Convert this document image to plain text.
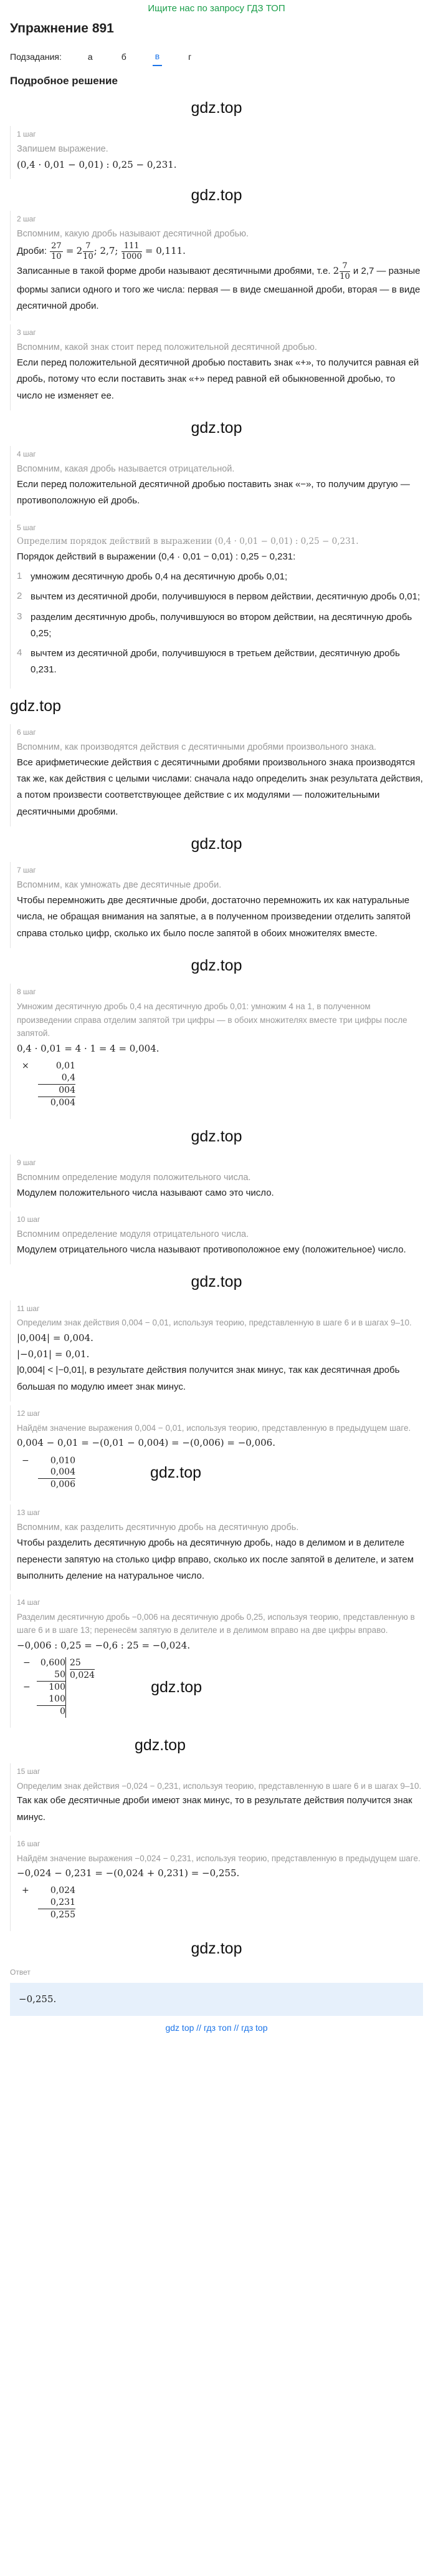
Ищите нас по запросу ГДЗ ТОП
Упражнение 891
Подзадания:	а	б	в	г
Подробное решение
gdz.top
1 шаг
Запишем выражение.
(0,4 · 0,01 − 0,01) : 0,25 − 0,231.
gdz.top
2 шаг
Вспомним, какую дробь называют десятичной дробью.
Дроби: $\frac{27}{10} = 2 \frac{7}{10}$ ; 2,7; $\frac{111}{1000} = 0,111$.
Записанные в такой форме дроби называют десятичными дробями, т.е. $2 \frac{7}{10}$ и 2,7 — разные формы записи одного и того же числа: первая — в виде смешанной дроби, вторая — в виде десятичной дроби.
3 шаг
Вспомним, какой знак стоит перед положительной десятичной дробью.
Если перед положительной десятичной дробью поставить знак «+», то получится равная ей дробь, потому что если поставить знак «+» перед равной ей обыкновенной дробью, то число не изменяет ее.
gdz.top
4 шаг
Вспомним, какая дробь называется отрицательной.
Если перед положительной десятичной дробью поставить знак «−», то получим другую — противоположную ей дробь.
5 шаг
Определим порядок действий в выражении (0,4 · 0,01 − 0,01) : 0,25 − 0,231.
Порядок действий в выражении (0,4 · 0,01 − 0,01) : 0,25 − 0,231:
1 умножим десятичную дробь 0,4 на десятичную дробь 0,01;
2 вычтем из десятичной дроби, получившуюся в первом действии, десятичную дробь 0,01;
3 разделим десятичную дробь, получившуюся во втором действии, на десятичную дробь 0,25;
4 вычтем из десятичной дроби, получившуюся в третьем действии, десятичную дробь 0,231.
gdz.top
6 шаг
Вспомним, как производятся действия с десятичными дробями произвольного знака.
Все арифметические действия с десятичными дробями произвольного знака производятся так же, как действия с целыми числами: сначала надо определить знак результата действия, а потом произвести соответствующее действие с их модулями — положительными десятичными дробями.
gdz.top
7 шаг
Вспомним, как умножать две десятичные дроби.
Чтобы перемножить две десятичные дроби, достаточно перемножить их как натуральные числа, не обращая внимания на запятые, а в полученном произведении отделить запятой справа столько цифр, сколько их было после запятой в обоих множителях вместе.
gdz.top
8 шаг
Умножим десятичную дробь 0,4 на десятичную дробь 0,01: умножим 4 на 1, в полученном произведении справа отделим запятой три цифры — в обоих множителях вместе три цифры после запятой.
0,4 · 0,01 = 4 · 1 = 4 = 0,004.
×	0,01
0,4
004
0,004
gdz.top
9 шаг
Вспомним определение модуля положительного числа.
Модулем положительного числа называют само это число.
10 шаг
Вспомним определение модуля отрицательного числа.
Модулем отрицательного числа называют противоположное ему (положительное) число.
gdz.top
11 шаг
Определим знак действия 0,004 − 0,01, используя теорию, представленную в шаге 6 и в шагах 9–10.
|0,004| = 0,004.
|−0,01| = 0,01.
|0,004| < |−0,01|, в результате действия получится знак минус, так как десятичная дробь большая по модулю имеет знак минус.
12 шаг
Найдём значение выражения 0,004 − 0,01, используя теорию, представленную в предыдущем шаге.
0,004 − 0,01 = −(0,01 − 0,004) = −(0,006) = −0,006.
−	0,010
0,004
0,006
gdz.top
13 шаг
Вспомним, как разделить десятичную дробь на десятичную дробь.
Чтобы разделить десятичную дробь на десятичную дробь, надо в делимом и в делителе перенести запятую на столько цифр вправо, сколько их после запятой в делителе, и затем выполнить деление на натуральное число.
14 шаг
Разделим десятичную дробь −0,006 на десятичную дробь 0,25, используя теорию, представленную в шаге 6 и в шаге 13; перенесём запятую в делителе и в делимом вправо на две цифры вправо.
−0,006 : 0,25 = −0,6 : 25 = −0,024.
−	0,600
50
−	100
100
0
25
0,024
gdz.top
gdz.top
15 шаг
Определим знак действия −0,024 − 0,231, используя теорию, представленную в шаге 6 и в шагах 9–10.
Так как обе десятичные дроби имеют знак минус, то в результате действия получится знак минус.
16 шаг
Найдём значение выражения −0,024 − 0,231, используя теорию, представленную в предыдущем шаге.
−0,024 − 0,231 = −(0,024 + 0,231) = −0,255.
+	0,024
0,231
0,255
gdz.top
Ответ
−0,255.
gdz top // гдз топ // гдз top
